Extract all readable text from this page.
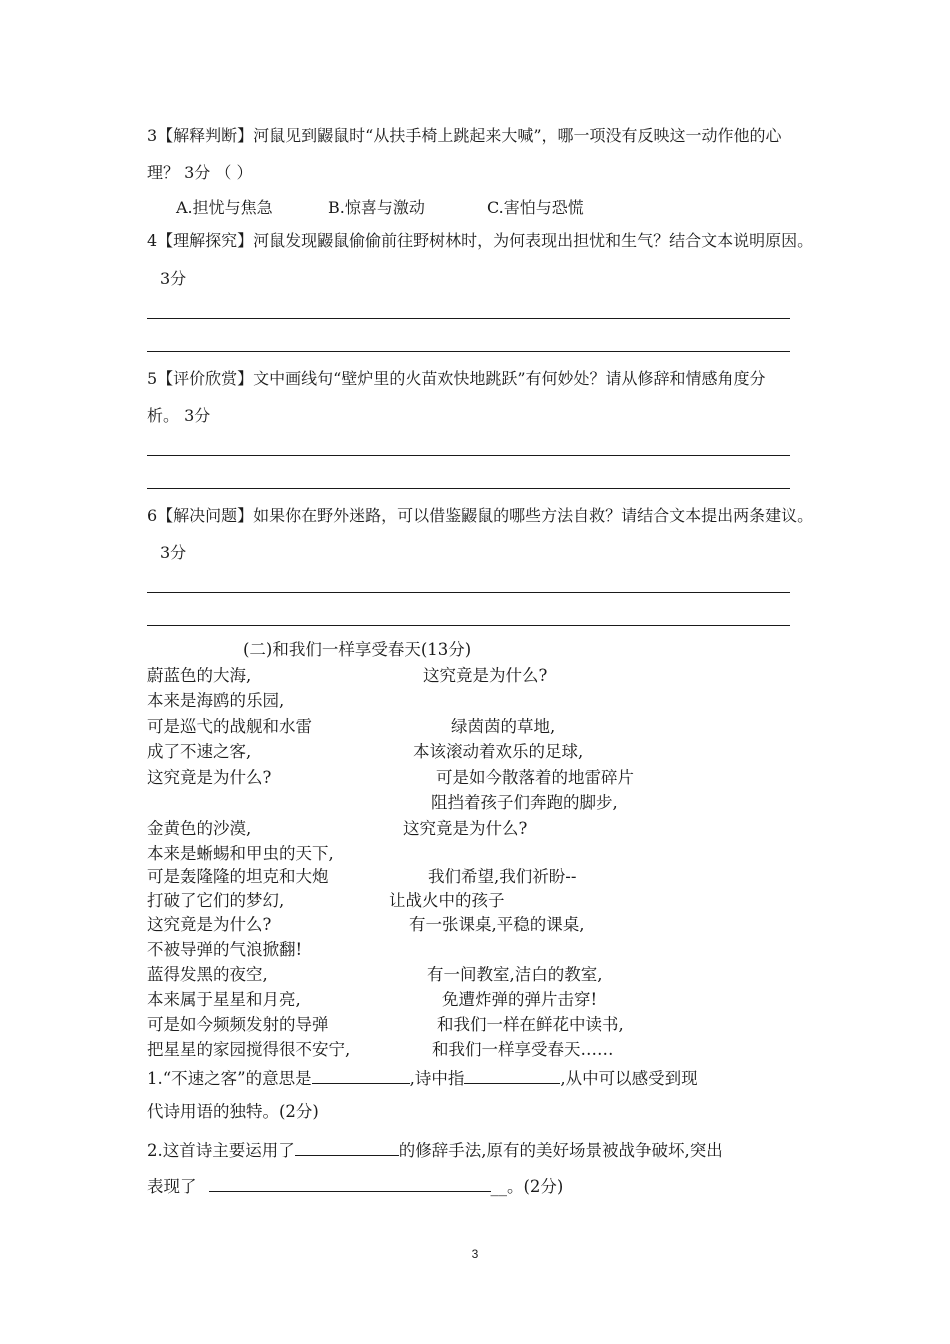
3【解释判断】河鼠见到鼹鼠时“从扶手椅上跳起来大喊”，哪一项没有反映这一动作他的心
理？ 3分 （ ）
A.担忧与焦急	B.惊喜与激动	C.害怕与恐慌
4【理解探究】河鼠发现鼹鼠偷偷前往野树林时，为何表现出担忧和生气？结合文本说明原因。
3分
5【评价欣赏】文中画线句“壁炉里的火苗欢快地跳跃”有何妙处？请从修辞和情感角度分
析。 3分
6【解决问题】如果你在野外迷路，可以借鉴鼹鼠的哪些方法自救？请结合文本提出两条建议。
3分
(二)和我们一样享受春天(13分)
蔚蓝色的大海,
本来是海鸥的乐园,
可是巡弋的战舰和水雷
成了不速之客,
这究竟是为什么?
金黄色的沙漠,
本来是蜥蜴和甲虫的天下,
可是轰隆隆的坦克和大炮
打破了它们的梦幻,
这究竟是为什么?
不被导弹的气浪掀翻!
蓝得发黑的夜空,
本来属于星星和月亮,
可是如今频频发射的导弹
把星星的家园搅得很不安宁,
这究竟是为什么?
绿茵茵的草地,
本该滚动着欢乐的足球,
可是如今散落着的地雷碎片
阻挡着孩子们奔跑的脚步,
这究竟是为什么?
我们希望,我们祈盼--
让战火中的孩子
有一张课桌,平稳的课桌,
有一间教室,洁白的教室,
免遭炸弹的弹片击穿!
和我们一样在鲜花中读书,
和我们一样享受春天……
1.“不速之客”的意思是	,诗中指	,从中可以感受到现
代诗用语的独特。(2分)
2.这首诗主要运用了	的修辞手法,原有的美好场景被战争破坏,突出
表现了	__。(2分)
3
